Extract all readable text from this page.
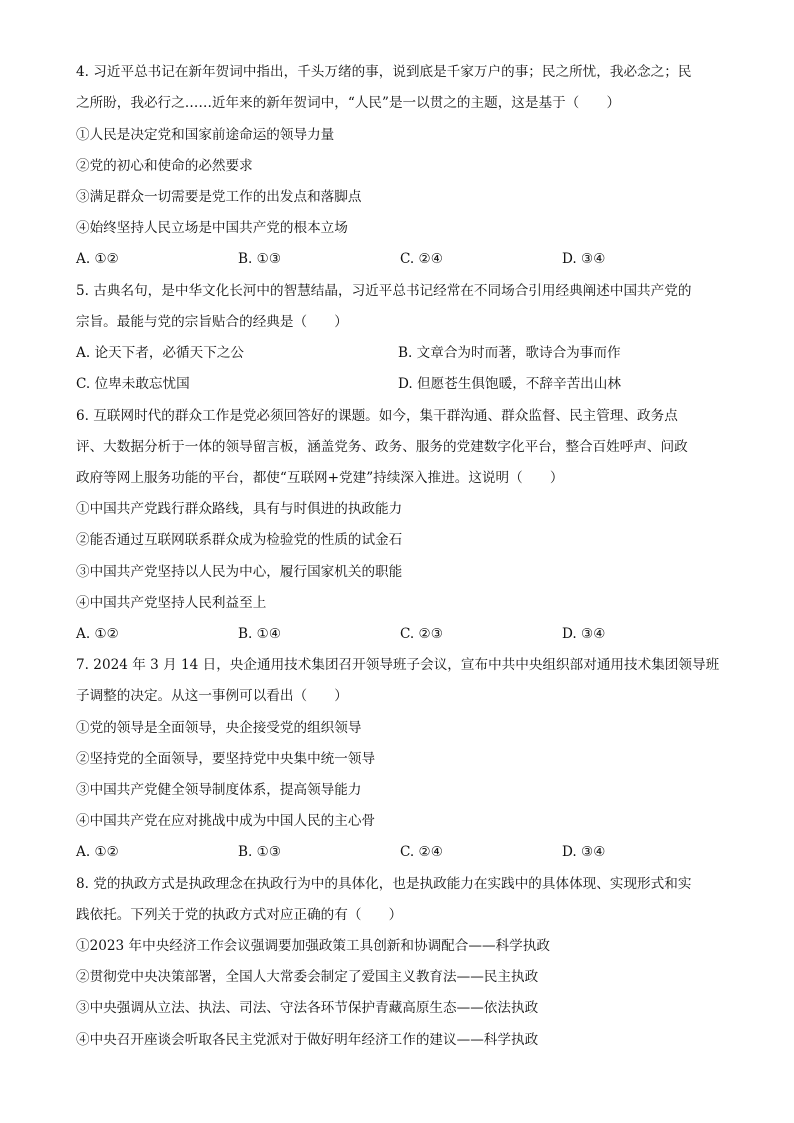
4. 习近平总书记在新年贺词中指出，千头万绪的事，说到底是千家万户的事；民之所忧，我必念之；民
之所盼，我必行之……近年来的新年贺词中，“人民”是一以贯之的主题，这是基于（　　）
①人民是决定党和国家前途命运的领导力量
②党的初心和使命的必然要求
③满足群众一切需要是党工作的出发点和落脚点
④始终坚持人民立场是中国共产党的根本立场
A. ①②	B. ①③	C. ②④	D. ③④
5. 古典名句，是中华文化长河中的智慧结晶，习近平总书记经常在不同场合引用经典阐述中国共产党的
宗旨。最能与党的宗旨贴合的经典是（　　）
A. 论天下者，必循天下之公	B. 文章合为时而著，歌诗合为事而作
C. 位卑未敢忘忧国	D. 但愿苍生俱饱暖，不辞辛苦出山林
6. 互联网时代的群众工作是党必须回答好的课题。如今，集干群沟通、群众监督、民主管理、政务点
评、大数据分析于一体的领导留言板，涵盖党务、政务、服务的党建数字化平台，整合百姓呼声、问政
政府等网上服务功能的平台，都使“互联网+党建”持续深入推进。这说明（　　）
①中国共产党践行群众路线，具有与时俱进的执政能力
②能否通过互联网联系群众成为检验党的性质的试金石
③中国共产党坚持以人民为中心，履行国家机关的职能
④中国共产党坚持人民利益至上
A. ①②	B. ①④	C. ②③	D. ③④
7. 2024 年 3 月 14 日，央企通用技术集团召开领导班子会议，宣布中共中央组织部对通用技术集团领导班
子调整的决定。从这一事例可以看出（　　）
①党的领导是全面领导，央企接受党的组织领导
②坚持党的全面领导，要坚持党中央集中统一领导
③中国共产党健全领导制度体系，提高领导能力
④中国共产党在应对挑战中成为中国人民的主心骨
A. ①②	B. ①③	C. ②④	D. ③④
8. 党的执政方式是执政理念在执政行为中的具体化，也是执政能力在实践中的具体体现、实现形式和实
践依托。下列关于党的执政方式对应正确的有（　　）
①2023 年中央经济工作会议强调要加强政策工具创新和协调配合——科学执政
②贯彻党中央决策部署，全国人大常委会制定了爱国主义教育法——民主执政
③中央强调从立法、执法、司法、守法各环节保护青藏高原生态——依法执政
④中央召开座谈会听取各民主党派对于做好明年经济工作的建议——科学执政
